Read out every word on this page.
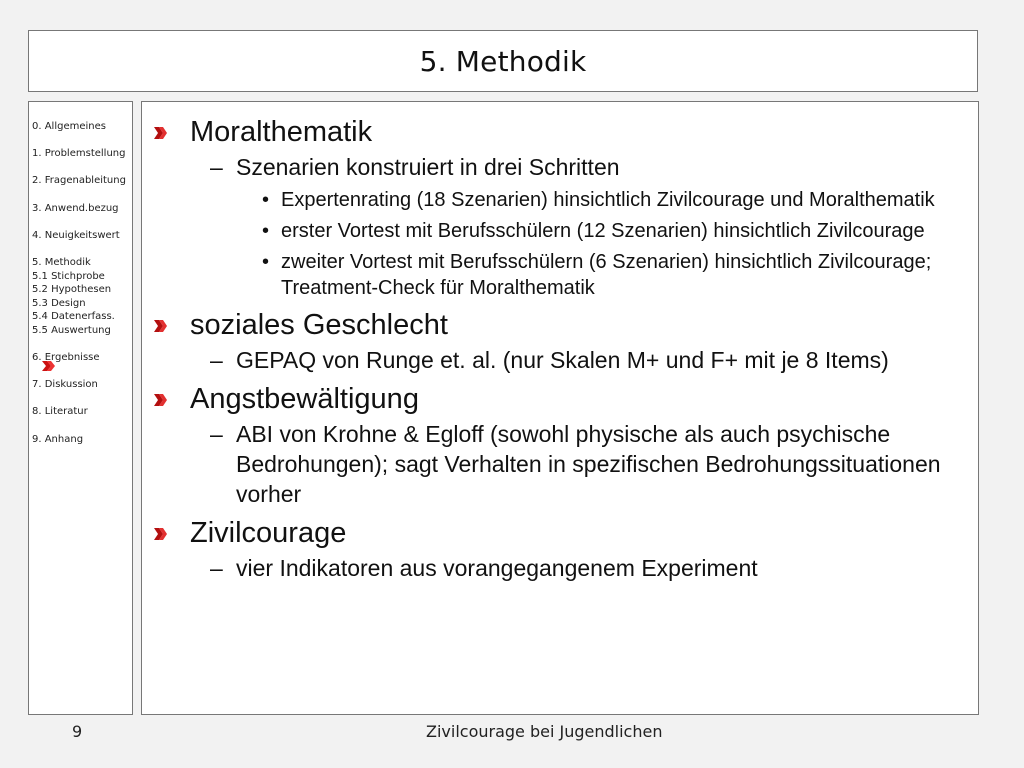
5. Methodik
0. Allgemeines
1. Problemstellung
2. Fragenableitung
3. Anwend.bezug
4. Neuigkeitswert
5. Methodik
5.1 Stichprobe
5.2 Hypothesen
5.3 Design
5.4 Datenerfass.
5.5 Auswertung
6. Ergebnisse
7. Diskussion
8. Literatur
9. Anhang
Moralthematik
– Szenarien konstruiert in drei Schritten
• Expertenrating (18 Szenarien) hinsichtlich Zivilcourage und Moralthematik
• erster Vortest mit Berufsschülern (12 Szenarien) hinsichtlich Zivilcourage
• zweiter Vortest mit Berufsschülern (6 Szenarien) hinsichtlich Zivilcourage; Treatment-Check für Moralthematik
soziales Geschlecht
– GEPAQ von Runge et. al. (nur Skalen M+ und F+ mit je 8 Items)
Angstbewältigung
– ABI von Krohne & Egloff (sowohl physische als auch psychische Bedrohungen); sagt Verhalten in spezifischen Bedrohungssituationen vorher
Zivilcourage
– vier Indikatoren aus vorangegangenem Experiment
9	Zivilcourage bei Jugendlichen
